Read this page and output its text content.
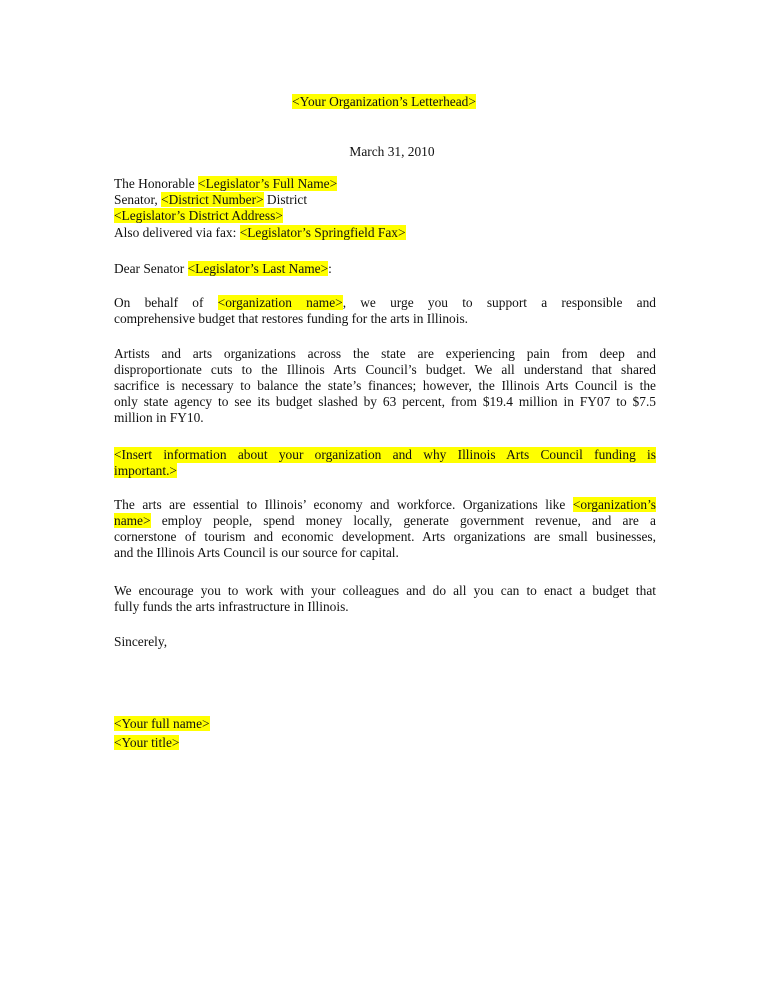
<Your Organization’s Letterhead>
March 31, 2010
The Honorable <Legislator’s Full Name>
Senator, <District Number> District
<Legislator’s District Address>
Also delivered via fax: <Legislator’s Springfield Fax>
Dear Senator <Legislator’s Last Name>:
On behalf of <organization name>, we urge you to support a responsible and
comprehensive budget that restores funding for the arts in Illinois.
Artists and arts organizations across the state are experiencing pain from deep and
disproportionate cuts to the Illinois Arts Council’s budget. We all understand that shared
sacrifice is necessary to balance the state’s finances; however, the Illinois Arts Council is the
only state agency to see its budget slashed by 63 percent, from $19.4 million in FY07 to $7.5
million in FY10.
<Insert information about your organization and why Illinois Arts Council funding is
important.>
The arts are essential to Illinois’ economy and workforce. Organizations like <organization’s
name> employ people, spend money locally, generate government revenue, and are a
cornerstone of tourism and economic development. Arts organizations are small businesses,
and the Illinois Arts Council is our source for capital.
We encourage you to work with your colleagues and do all you can to enact a budget that
fully funds the arts infrastructure in Illinois.
Sincerely,
<Your full name>
<Your title>
